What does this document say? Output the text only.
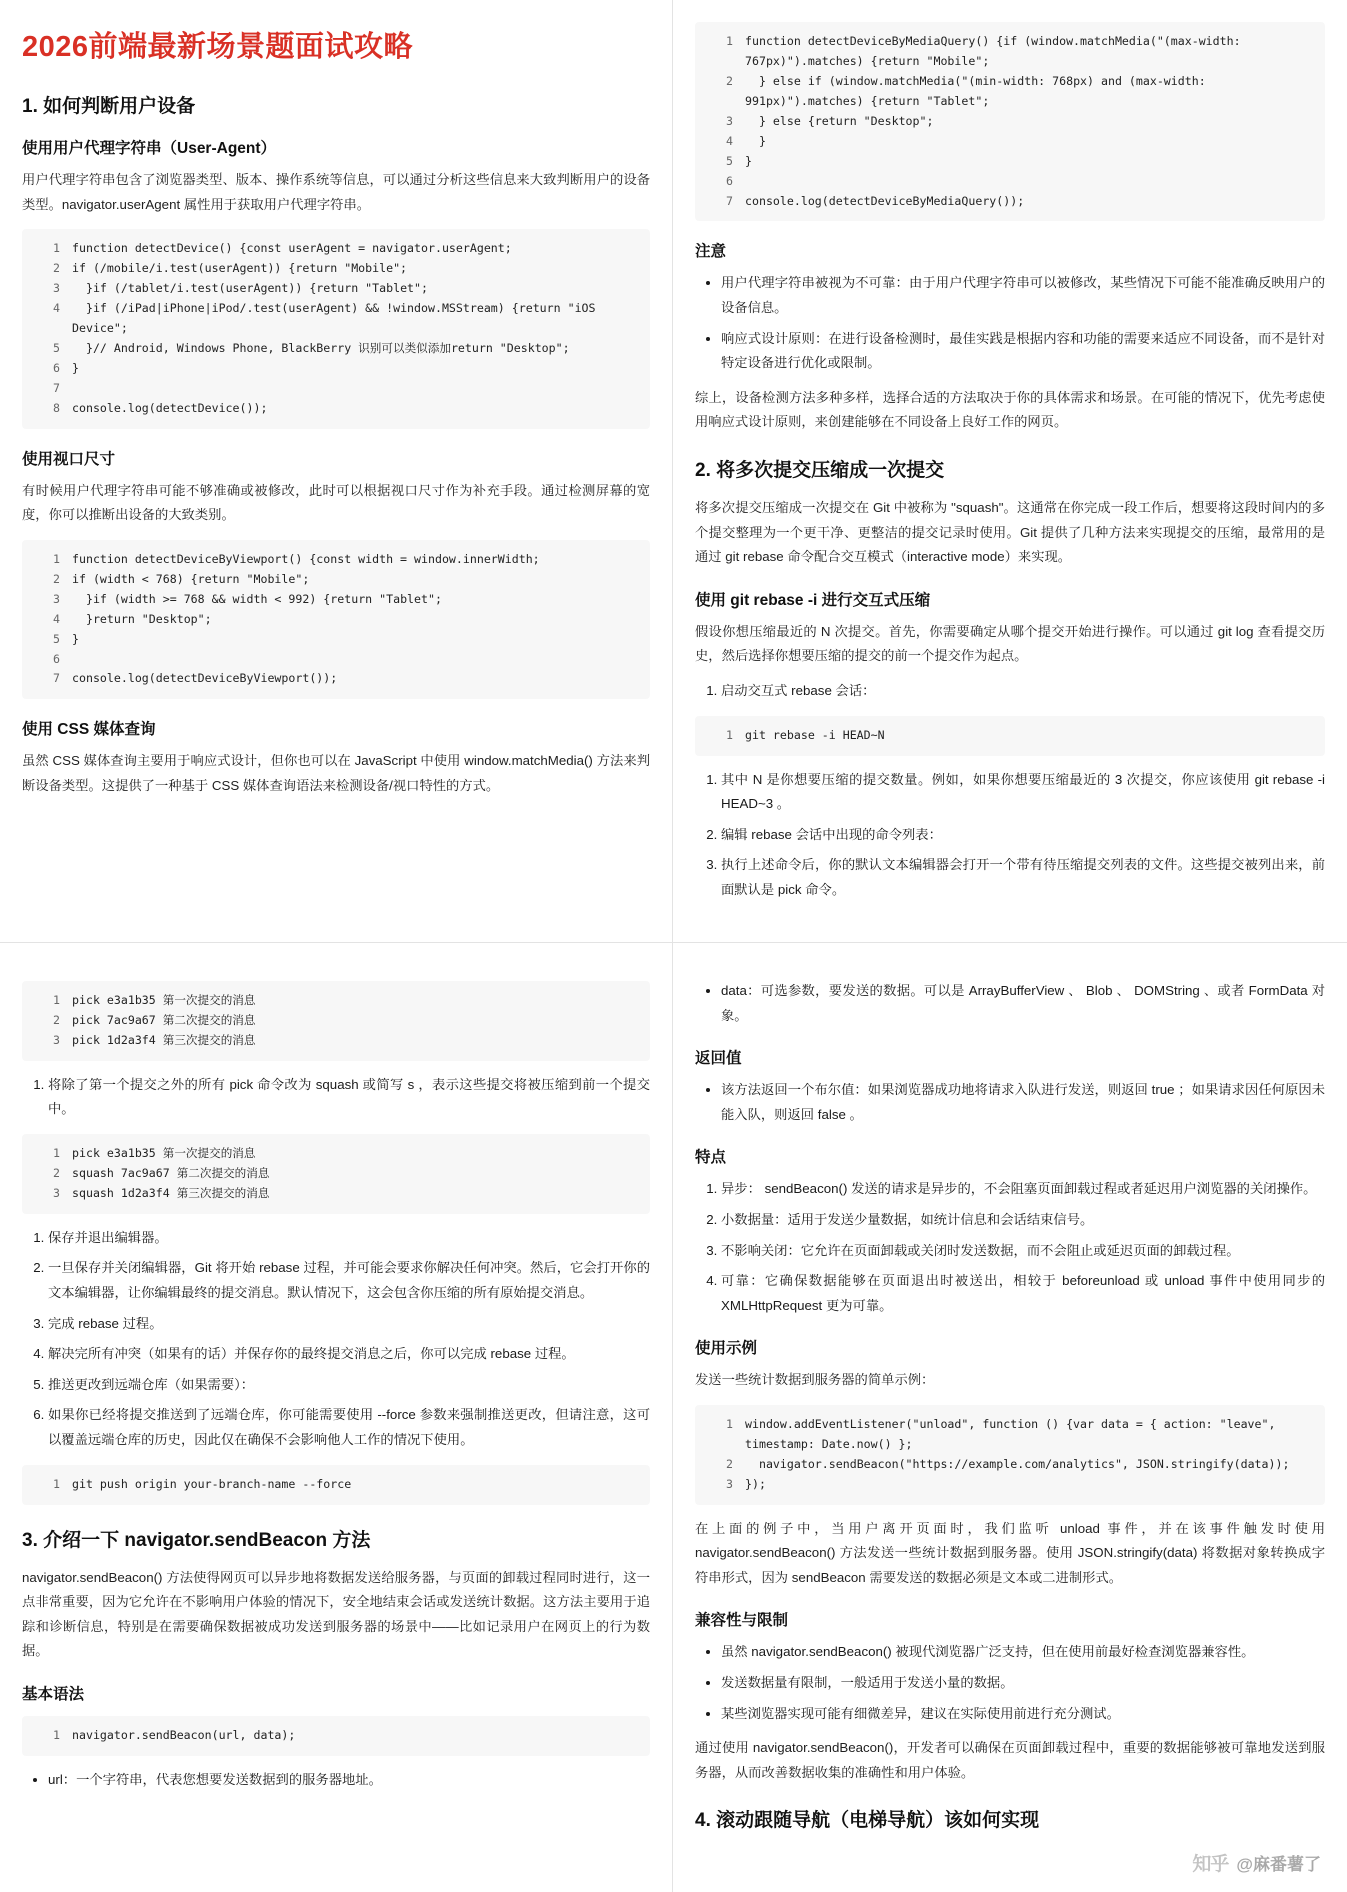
2026前端最新场景题面试攻略
1. 如何判断用户设备
使用用户代理字符串（User-Agent）

用户代理字符串包含了浏览器类型、版本、操作系统等信息，可以通过分析这些信息来大致判断用户的设备类型。navigator.userAgent 属性用于获取用户代理字符串。

1	function detectDevice() {const userAgent = navigator.userAgent;
2	if (/mobile/i.test(userAgent)) {return "Mobile";
3	}if (/tablet/i.test(userAgent)) {return "Tablet";
4	}if (/iPad|iPhone|iPod/.test(userAgent) && !window.MSStream) {return "iOS Device";
5	}// Android, Windows Phone, BlackBerry 识别可以类似添加return "Desktop";
6	}
7
8	console.log(detectDevice());
使用视口尺寸

有时候用户代理字符串可能不够准确或被修改，此时可以根据视口尺寸作为补充手段。通过检测屏幕的宽度，你可以推断出设备的大致类别。

1	function detectDeviceByViewport() {const width = window.innerWidth;
2	if (width < 768) {return "Mobile";
3	}if (width >= 768 && width < 992) {return "Tablet";
4	}return "Desktop";
5	}
6
7	console.log(detectDeviceByViewport());
使用 CSS 媒体查询

虽然 CSS 媒体查询主要用于响应式设计，但你也可以在 JavaScript 中使用 window.matchMedia() 方法来判断设备类型。这提供了一种基于 CSS 媒体查询语法来检测设备/视口特性的方式。

1	function detectDeviceByMediaQuery() {if (window.matchMedia("(max-width: 767px)").matches) {return "Mobile";
2	} else if (window.matchMedia("(min-width: 768px) and (max-width: 991px)").matches) {return "Tablet";
3	} else {return "Desktop";
4	}
5	}
6
7	console.log(detectDeviceByMediaQuery());
注意
• 用户代理字符串被视为不可靠：由于用户代理字符串可以被修改，某些情况下可能不能准确反映用户的设备信息。
• 响应式设计原则：在进行设备检测时，最佳实践是根据内容和功能的需要来适应不同设备，而不是针对特定设备进行优化或限制。

综上，设备检测方法多种多样，选择合适的方法取决于你的具体需求和场景。在可能的情况下，优先考虑使用响应式设计原则，来创建能够在不同设备上良好工作的网页。

2. 将多次提交压缩成一次提交

将多次提交压缩成一次提交在 Git 中被称为 "squash"。这通常在你完成一段工作后，想要将这段时间内的多个提交整理为一个更干净、更整洁的提交记录时使用。Git 提供了几种方法来实现提交的压缩，最常用的是通过 git rebase 命令配合交互模式（interactive mode）来实现。

使用 git rebase -i 进行交互式压缩

假设你想压缩最近的 N 次提交。首先，你需要确定从哪个提交开始进行操作。可以通过 git log 查看提交历史，然后选择你想要压缩的提交的前一个提交作为起点。

1. 启动交互式 rebase 会话：
1	git rebase -i HEAD~N
1. 其中 N 是你想要压缩的提交数量。例如，如果你想要压缩最近的 3 次提交，你应该使用 git rebase -i HEAD~3 。
2. 编辑 rebase 会话中出现的命令列表：
3. 执行上述命令后，你的默认文本编辑器会打开一个带有待压缩提交列表的文件。这些提交被列出来，前面默认是 pick 命令。
1	pick e3a1b35 第一次提交的消息
2	pick 7ac9a67 第二次提交的消息
3	pick 1d2a3f4 第三次提交的消息
1. 将除了第一个提交之外的所有 pick 命令改为 squash 或简写 s ，表示这些提交将被压缩到前一个提交中。
1	pick e3a1b35 第一次提交的消息
2	squash 7ac9a67 第二次提交的消息
3	squash 1d2a3f4 第三次提交的消息
1. 保存并退出编辑器。
2. 一旦保存并关闭编辑器，Git 将开始 rebase 过程，并可能会要求你解决任何冲突。然后，它会打开你的文本编辑器，让你编辑最终的提交消息。默认情况下，这会包含你压缩的所有原始提交消息。
3. 完成 rebase 过程。
4. 解决完所有冲突（如果有的话）并保存你的最终提交消息之后，你可以完成 rebase 过程。
5. 推送更改到远端仓库（如果需要）：
6. 如果你已经将提交推送到了远端仓库，你可能需要使用 --force 参数来强制推送更改，但请注意，这可以覆盖远端仓库的历史，因此仅在确保不会影响他人工作的情况下使用。
1	git push origin your-branch-name --force
3. 介绍一下 navigator.sendBeacon 方法

navigator.sendBeacon() 方法使得网页可以异步地将数据发送给服务器，与页面的卸载过程同时进行，这一点非常重要，因为它允许在不影响用户体验的情况下，安全地结束会话或发送统计数据。这方法主要用于追踪和诊断信息，特别是在需要确保数据被成功发送到服务器的场景中——比如记录用户在网页上的行为数据。

基本语法
1	navigator.sendBeacon(url, data);
• url：一个字符串，代表您想要发送数据到的服务器地址。
• data：可选参数，要发送的数据。可以是 ArrayBufferView 、 Blob 、 DOMString 、或者 FormData 对象。
返回值
• 该方法返回一个布尔值：如果浏览器成功地将请求入队进行发送，则返回 true ；如果请求因任何原因未能入队，则返回 false 。
特点
1. 异步： sendBeacon() 发送的请求是异步的，不会阻塞页面卸载过程或者延迟用户浏览器的关闭操作。
2. 小数据量：适用于发送少量数据，如统计信息和会话结束信号。
3. 不影响关闭：它允许在页面卸载或关闭时发送数据，而不会阻止或延迟页面的卸载过程。
4. 可靠：它确保数据能够在页面退出时被送出，相较于 beforeunload 或 unload 事件中使用同步的 XMLHttpRequest 更为可靠。
使用示例

发送一些统计数据到服务器的简单示例：

1	window.addEventListener("unload", function () {var data = { action: "leave", timestamp: Date.now() };
2	navigator.sendBeacon("https://example.com/analytics", JSON.stringify(data));
3	});

在上面的例子中，当用户离开页面时，我们监听 unload 事件，并在该事件触发时使用 navigator.sendBeacon() 方法发送一些统计数据到服务器。使用 JSON.stringify(data) 将数据对象转换成字符串形式，因为 sendBeacon 需要发送的数据必须是文本或二进制形式。

兼容性与限制
• 虽然 navigator.sendBeacon() 被现代浏览器广泛支持，但在使用前最好检查浏览器兼容性。
• 发送数据量有限制，一般适用于发送小量的数据。
• 某些浏览器实现可能有细微差异，建议在实际使用前进行充分测试。

通过使用 navigator.sendBeacon()，开发者可以确保在页面卸载过程中，重要的数据能够被可靠地发送到服务器，从而改善数据收集的准确性和用户体验。

4. 滚动跟随导航（电梯导航）该如何实现
知乎 @麻番薯了
